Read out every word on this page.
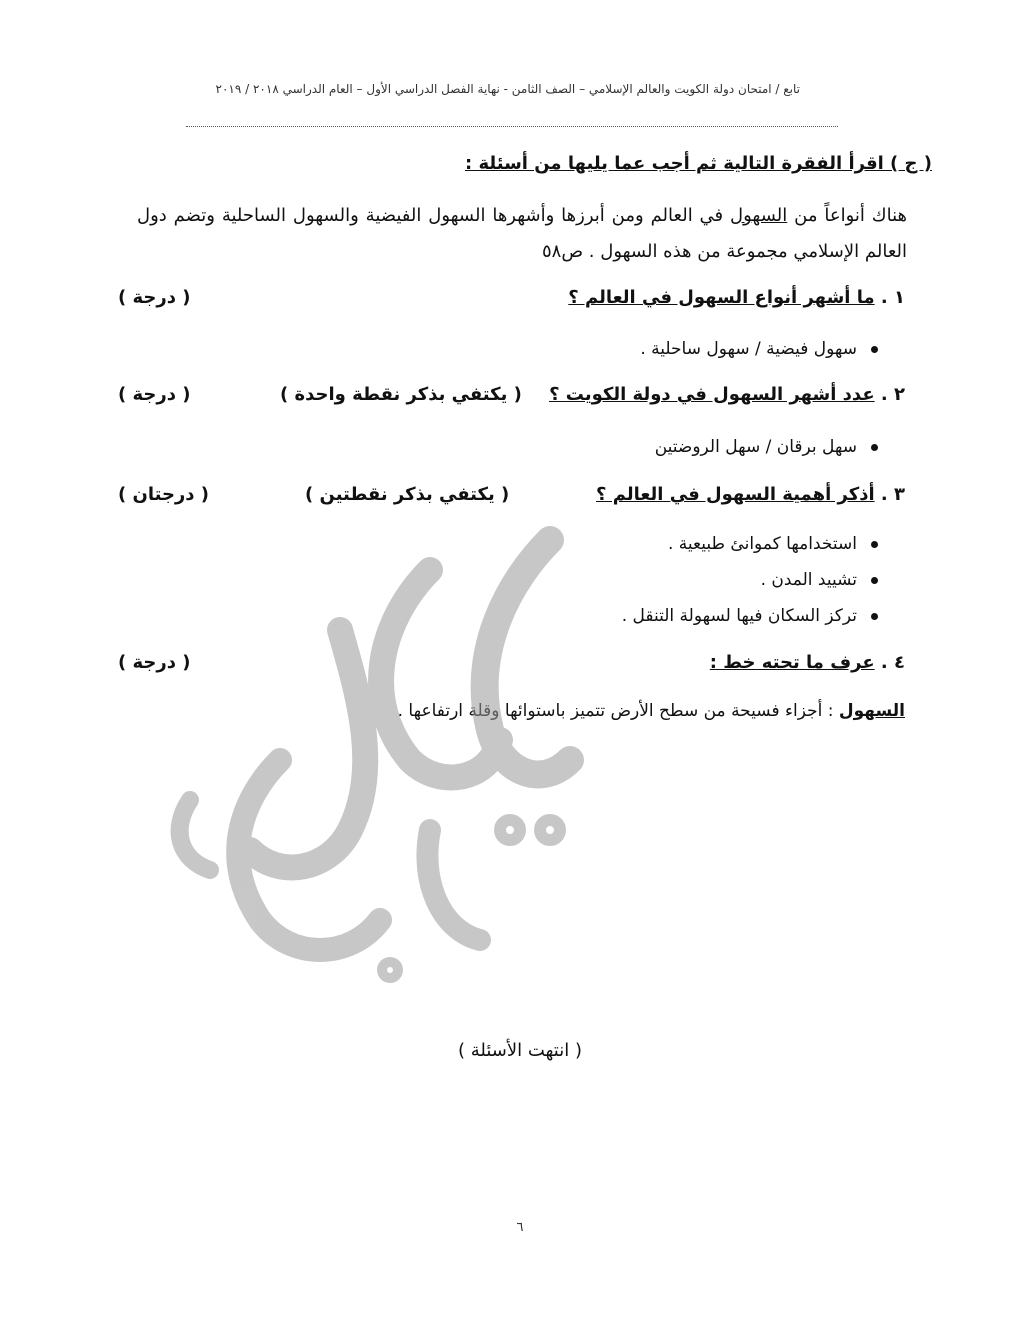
تابع / امتحان دولة الكويت والعالم الإسلامي – الصف الثامن - نهاية الفصل الدراسي الأول – العام الدراسي ٢٠١٨ / ٢٠١٩
( ج ) اقرأ الفقرة التالية ثم أجب عما يليها من أسئلة :
هناك أنواعاً من السهول في العالم ومن أبرزها وأشهرها السهول الفيضية والسهول الساحلية وتضم دول العالم الإسلامي مجموعة من هذه السهول . ص٥٨
١ . ما أشهر أنواع السهول في العالم ؟
( درجة )
سهول فيضية / سهول ساحلية .
٢ . عدد أشهر السهول في دولة الكويت ؟
( يكتفي بذكر نقطة واحدة )
( درجة )
سهل برقان / سهل الروضتين
٣ . أذكر أهمية السهول في العالم ؟
( يكتفي بذكر نقطتين )
( درجتان )
استخدامها كموانئ طبيعية .
تشييد المدن .
تركز السكان فيها لسهولة التنقل .
٤ . عرف ما تحته خط :
( درجة )
السهول : أجزاء فسيحة من سطح الأرض تتميز باستوائها وقلة ارتفاعها .
( انتهت الأسئلة )
٦
